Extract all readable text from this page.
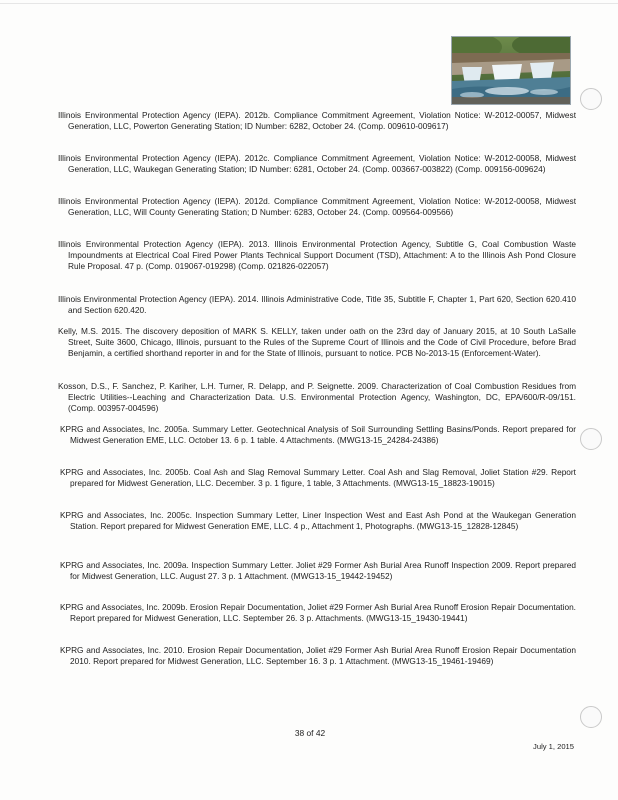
Illinois Environmental Protection Agency (IEPA). 2012b. Compliance Commitment Agreement, Violation Notice: W-2012-00057, Midwest Generation, LLC, Powerton Generating Station; ID Number: 6282, October 24. (Comp. 009610-009617)

Illinois Environmental Protection Agency (IEPA). 2012c. Compliance Commitment Agreement, Violation Notice: W-2012-00058, Midwest Generation, LLC, Waukegan Generating Station; ID Number: 6281, October 24. (Comp. 003667-003822) (Comp. 009156-009624)

Illinois Environmental Protection Agency (IEPA). 2012d. Compliance Commitment Agreement, Violation Notice: W-2012-00058, Midwest Generation, LLC, Will County Generating Station; D Number: 6283, October 24. (Comp. 009564-009566)

Illinois Environmental Protection Agency (IEPA). 2013. Illinois Environmental Protection Agency, Subtitle G, Coal Combustion Waste Impoundments at Electrical Coal Fired Power Plants Technical Support Document (TSD), Attachment: A to the Illinois Ash Pond Closure Rule Proposal. 47 p. (Comp. 019067-019298) (Comp. 021826-022057)

Illinois Environmental Protection Agency (IEPA). 2014. Illinois Administrative Code, Title 35, Subtitle F, Chapter 1, Part 620, Section 620.410 and Section 620.420.

Kelly, M.S. 2015. The discovery deposition of MARK S. KELLY, taken under oath on the 23rd day of January 2015, at 10 South LaSalle Street, Suite 3600, Chicago, Illinois, pursuant to the Rules of the Supreme Court of Illinois and the Code of Civil Procedure, before Brad Benjamin, a certified shorthand reporter in and for the State of Illinois, pursuant to notice. PCB No-2013-15 (Enforcement-Water).

Kosson, D.S., F. Sanchez, P. Kariher, L.H. Turner, R. Delapp, and P. Seignette. 2009. Characterization of Coal Combustion Residues from Electric Utilities--Leaching and Characterization Data. U.S. Environmental Protection Agency, Washington, DC, EPA/600/R-09/151. (Comp. 003957-004596)

KPRG and Associates, Inc. 2005a. Summary Letter. Geotechnical Analysis of Soil Surrounding Settling Basins/Ponds. Report prepared for Midwest Generation EME, LLC. October 13. 6 p. 1 table. 4 Attachments. (MWG13-15_24284-24386)

KPRG and Associates, Inc. 2005b. Coal Ash and Slag Removal Summary Letter. Coal Ash and Slag Removal, Joliet Station #29. Report prepared for Midwest Generation, LLC. December. 3 p. 1 figure, 1 table, 3 Attachments. (MWG13-15_18823-19015)

KPRG and Associates, Inc. 2005c. Inspection Summary Letter, Liner Inspection West and East Ash Pond at the Waukegan Generation Station. Report prepared for Midwest Generation EME, LLC. 4 p., Attachment 1, Photographs. (MWG13-15_12828-12845)

KPRG and Associates, Inc. 2009a. Inspection Summary Letter. Joliet #29 Former Ash Burial Area Runoff Inspection 2009. Report prepared for Midwest Generation, LLC. August 27. 3 p. 1 Attachment. (MWG13-15_19442-19452)

KPRG and Associates, Inc. 2009b. Erosion Repair Documentation, Joliet #29 Former Ash Burial Area Runoff Erosion Repair Documentation. Report prepared for Midwest Generation, LLC. September 26. 3 p. Attachments. (MWG13-15_19430-19441)

KPRG and Associates, Inc. 2010. Erosion Repair Documentation, Joliet #29 Former Ash Burial Area Runoff Erosion Repair Documentation 2010. Report prepared for Midwest Generation, LLC. September 16. 3 p. 1 Attachment. (MWG13-15_19461-19469)

38 of 42

July 1, 2015
